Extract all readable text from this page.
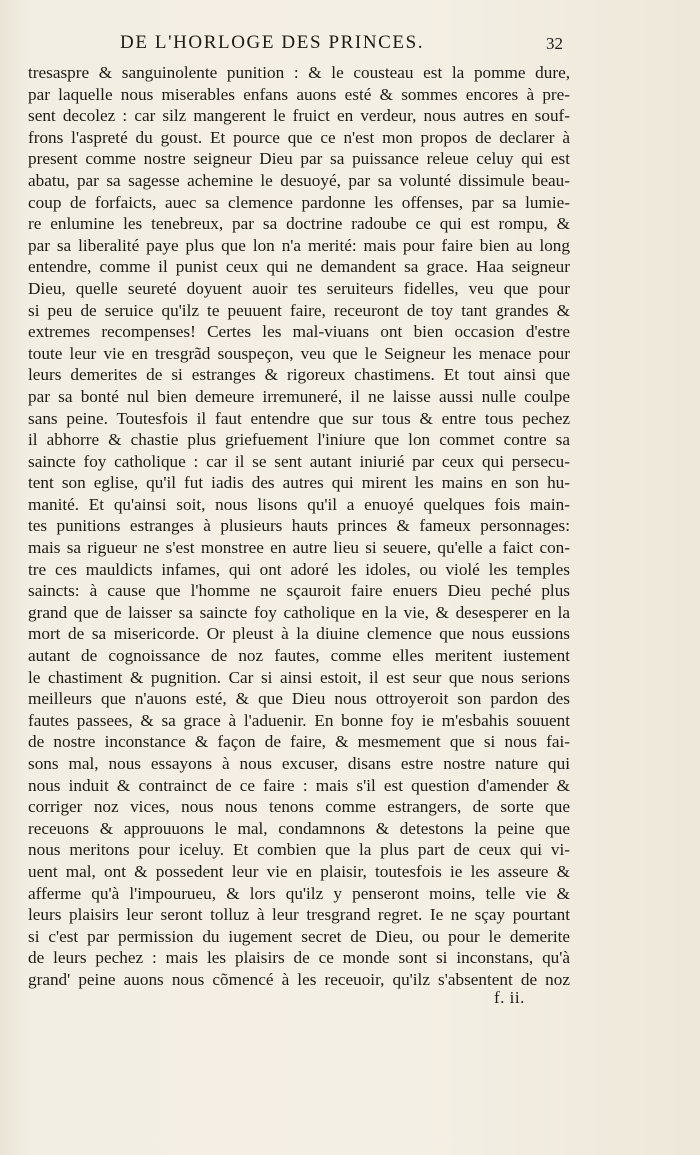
DE L'HORLOGE DES PRINCES.	32
tresaspre & sanguinolente punition : & le cousteau est la pomme dure,
par laquelle nous miserables enfans auons esté & sommes encores à pre-
sent decolez : car silz mangerent le fruict en verdeur, nous autres en souf-
frons l'aspreté du goust. Et pource que ce n'est mon propos de declarer à
present comme nostre seigneur Dieu par sa puissance releue celuy qui est
abatu, par sa sagesse achemine le desuoyé, par sa volunté dissimule beau-
coup de forfaicts, auec sa clemence pardonne les offenses, par sa lumie-
re enlumine les tenebreux, par sa doctrine radoube ce qui est rompu, &
par sa liberalité paye plus que lon n'a merité: mais pour faire bien au long
entendre, comme il punist ceux qui ne demandent sa grace. Haa seigneur
Dieu, quelle seureté doyuent auoir tes seruiteurs fidelles, veu que pour
si peu de seruice qu'ilz te peuuent faire, receuront de toy tant grandes &
extremes recompenses! Certes les mal-viuans ont bien occasion d'estre
toute leur vie en tresgrãd souspeçon, veu que le Seigneur les menace pour
leurs demerites de si estranges & rigoreux chastimens. Et tout ainsi que
par sa bonté nul bien demeure irremuneré, il ne laisse aussi nulle coulpe
sans peine. Toutesfois il faut entendre que sur tous & entre tous pechez
il abhorre & chastie plus griefuement l'iniure que lon commet contre sa
saincte foy catholique : car il se sent autant iniurié par ceux qui persecu-
tent son eglise, qu'il fut iadis des autres qui mirent les mains en son hu-
manité. Et qu'ainsi soit, nous lisons qu'il a enuoyé quelques fois main-
tes punitions estranges à plusieurs hauts princes & fameux personnages:
mais sa rigueur ne s'est monstree en autre lieu si seuere, qu'elle a faict con-
tre ces mauldicts infames, qui ont adoré les idoles, ou violé les temples
saincts: à cause que l'homme ne sçauroit faire enuers Dieu peché plus
grand que de laisser sa saincte foy catholique en la vie, & desesperer en la
mort de sa misericorde. Or pleust à la diuine clemence que nous eussions
autant de cognoissance de noz fautes, comme elles meritent iustement
le chastiment & pugnition. Car si ainsi estoit, il est seur que nous serions
meilleurs que n'auons esté, & que Dieu nous ottroyeroit son pardon des
fautes passees, & sa grace à l'aduenir. En bonne foy ie m'esbahis souuent
de nostre inconstance & façon de faire, & mesmement que si nous fai-
sons mal, nous essayons à nous excuser, disans estre nostre nature qui
nous induit & contrainct de ce faire : mais s'il est question d'amender &
corriger noz vices, nous nous tenons comme estrangers, de sorte que
receuons & approuuons le mal, condamnons & detestons la peine que
nous meritons pour iceluy. Et combien que la plus part de ceux qui vi-
uent mal, ont & possedent leur vie en plaisir, toutesfois ie les asseure &
afferme qu'à l'impourueu, & lors qu'ilz y penseront moins, telle vie &
leurs plaisirs leur seront tolluz à leur tresgrand regret. Ie ne sçay pourtant
si c'est par permission du iugement secret de Dieu, ou pour le demerite
de leurs pechez : mais les plaisirs de ce monde sont si inconstans, qu'à
grand' peine auons nous cõmencé à les receuoir, qu'ilz s'absentent de noz
f. ii.
